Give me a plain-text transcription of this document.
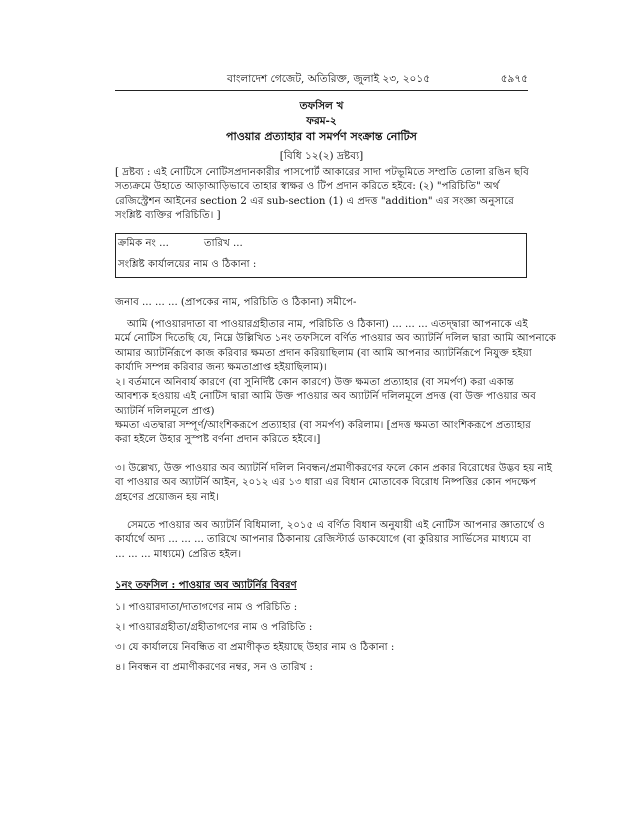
বাংলাদেশ গেজেট, অতিরিক্ত, জুলাই ২৩, ২০১৫	৫৯৭৫
তফসিল খ
ফরম-২
পাওয়ার প্রত্যাহার বা সমর্পণ সংক্রান্ত নোটিস
[বিধি ১২(২) দ্রষ্টব্য]
[ দ্রষ্টব্য : এই নোটিসে নোটিসপ্রদানকারীর পাসপোর্ট আকারের সাদা পটভূমিতে সম্প্রতি তোলা রঙিন ছবি
সত্যক্রমে উহাতে আড়াআড়িভাবে তাহার স্বাক্ষর ও টিপ প্রদান করিতে হইবে: (২) "পরিচিতি" অর্থ
রেজিস্ট্রেশন আইনের section 2 এর sub-section (1) এ প্রদত্ত "addition" এর সংজ্ঞা অনুসারে
সংশ্লিষ্ট ব্যক্তির পরিচিতি। ]
ক্রমিক নং ...	তারিখ ...
সংশ্লিষ্ট কার্যালয়ের নাম ও ঠিকানা :
জনাব ... ... ... (প্রাপকের নাম, পরিচিতি ও ঠিকানা) সমীপে-
আমি (পাওয়ারদাতা বা পাওয়ারগ্রহীতার নাম, পরিচিতি ও ঠিকানা) ... ... ... এতদ্দ্বারা আপনাকে এই
মর্মে নোটিস দিতেছি যে, নিম্নে উল্লিখিত ১নং তফসিলে বর্ণিত পাওয়ার অব অ্যাটর্নি দলিল দ্বারা আমি আপনাকে
আমার অ্যাটর্নিরূপে কাজ করিবার ক্ষমতা প্রদান করিয়াছিলাম (বা আমি আপনার অ্যাটর্নিরূপে নিযুক্ত হইয়া
কার্যাদি সম্পন্ন করিবার জন্য ক্ষমতাপ্রাপ্ত হইয়াছিলাম)।
২। বর্তমানে অনিবার্য কারণে (বা সুনির্দিষ্ট কোন কারণে) উক্ত ক্ষমতা প্রত্যাহার (বা সমর্পণ) করা একান্ত
আবশ্যক হওয়ায় এই নোটিস দ্বারা আমি উক্ত পাওয়ার অব অ্যাটর্নি দলিলমূলে প্রদত্ত (বা উক্ত পাওয়ার অব
অ্যাটর্নি দলিলমূলে প্রাপ্ত)
ক্ষমতা এতদ্বারা সম্পূর্ণ/আংশিকরূপে প্রত্যাহার (বা সমর্পণ) করিলাম। [প্রদত্ত ক্ষমতা আংশিকরূপে প্রত্যাহার
করা হইলে উহার সুস্পষ্ট বর্ণনা প্রদান করিতে হইবে।]
৩। উল্লেখ্য, উক্ত পাওয়ার অব অ্যাটর্নি দলিল নিবন্ধন/প্রমাণীকরণের ফলে কোন প্রকার বিরোধের উদ্ভব হয় নাই
বা পাওয়ার অব অ্যাটর্নি আইন, ২০১২ এর ১৩ ধারা এর বিধান মোতাবেক বিরোধ নিষ্পত্তির কোন পদক্ষেপ
গ্রহণের প্রয়োজন হয় নাই।
সেমতে পাওয়ার অব অ্যাটর্নি বিধিমালা, ২০১৫ এ বর্ণিত বিধান অনুযায়ী এই নোটিস আপনার জ্ঞাতার্থে ও
কার্যার্থে অদ্য ... ... ... তারিখে আপনার ঠিকানায় রেজিস্টার্ড ডাকযোগে (বা কুরিয়ার সার্ভিসের মাধ্যমে বা
... ... ... মাধ্যমে) প্রেরিত হইল।
১নং তফসিল : পাওয়ার অব অ্যাটর্নির বিবরণ
১। পাওয়ারদাতা/দাতাগণের নাম ও পরিচিতি :
২। পাওয়ারগ্রহীতা/গ্রহীতাগণের নাম ও পরিচিতি :
৩। যে কার্যালয়ে নিবন্ধিত বা প্রমাণীকৃত হইয়াছে উহার নাম ও ঠিকানা :
৪। নিবন্ধন বা প্রমাণীকরণের নম্বর, সন ও তারিখ :
